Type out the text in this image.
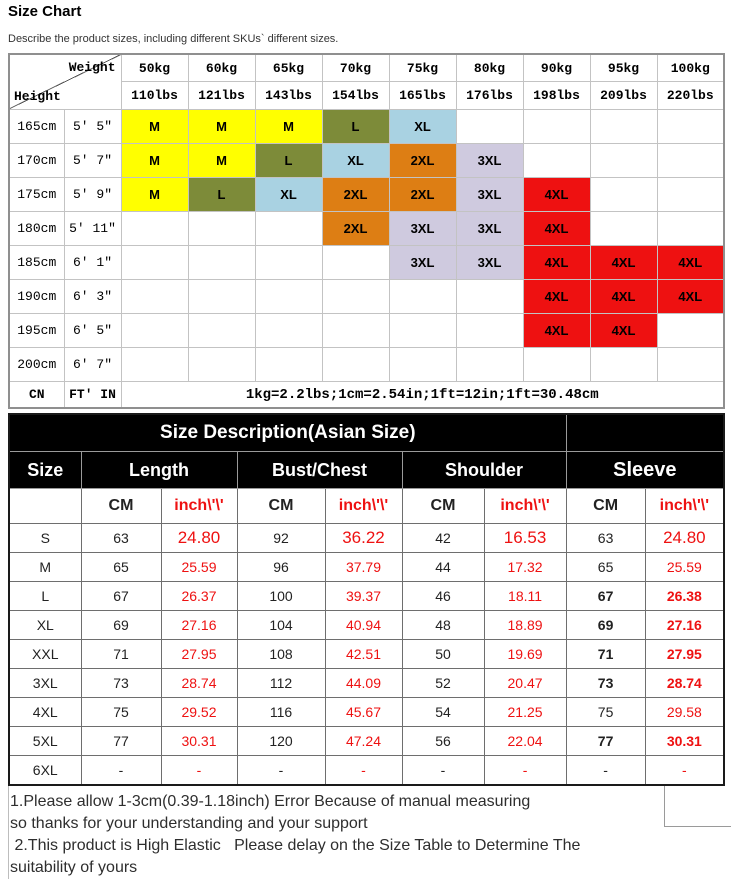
Size Chart
Describe the product sizes, including different SKUs` different sizes.
Weight
Height		50kg	60kg	65kg	70kg	75kg	80kg	90kg	95kg	100kg
		110lbs	121lbs	143lbs	154lbs	165lbs	176lbs	198lbs	209lbs	220lbs
165cm	5' 5"	M	M	M	L	XL				
170cm	5' 7"	M	M	L	XL	2XL	3XL			
175cm	5' 9"	M	L	XL	2XL	2XL	3XL	4XL		
180cm	5' 11"				2XL	3XL	3XL	4XL		
185cm	6' 1"					3XL	3XL	4XL	4XL	4XL
190cm	6' 3"							4XL	4XL	4XL
195cm	6' 5"							4XL	4XL	
200cm	6' 7"									
CN	FT' IN	1kg=2.2lbs;1cm=2.54in;1ft=12in;1ft=30.48cm								
Size Description(Asian Size)								
Size	Length		Bust/Chest		Shoulder		Sleeve	
	CM	inch\'\'	CM	inch\'\'	CM	inch\'\'	CM	inch\'\'
S	63	24.80	92	36.22	42	16.53	63	24.80
M	65	25.59	96	37.79	44	17.32	65	25.59
L	67	26.37	100	39.37	46	18.11	67	26.38
XL	69	27.16	104	40.94	48	18.89	69	27.16
XXL	71	27.95	108	42.51	50	19.69	71	27.95
3XL	73	28.74	112	44.09	52	20.47	73	28.74
4XL	75	29.52	116	45.67	54	21.25	75	29.58
5XL	77	30.31	120	47.24	56	22.04	77	30.31
6XL	-	-	-	-	-	-	-	-
1.Please allow 1-3cm(0.39-1.18inch) Error Because of manual measuring
so thanks for your understanding and your support
2.This product is High Elastic   Please delay on the Size Table to Determine The
suitability of yours
